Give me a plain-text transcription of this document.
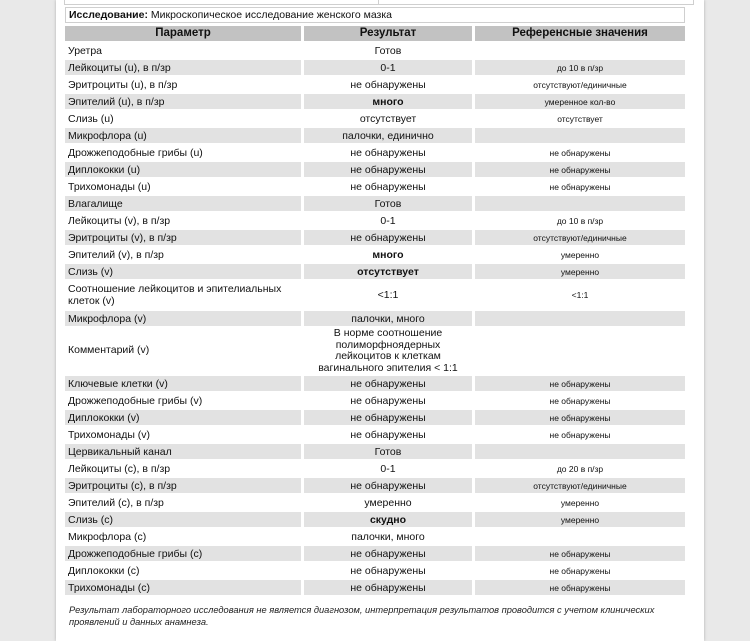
Исследование: Микроскопическое исследование женского мазка
Параметр	Результат	Референсные значения
Уретра	Готов	
Лейкоциты (u), в п/зр	0-1	до 10 в п/зр
Эритроциты (u), в п/зр	не обнаружены	отсутствуют/единичные
Эпителий (u), в п/зр	много	умеренное кол-во
Слизь (u)	отсутствует	отсутствует
Микрофлора (u)	палочки, единично	
Дрожжеподобные грибы (u)	не обнаружены	не обнаружены
Диплококки (u)	не обнаружены	не обнаружены
Трихомонады (u)	не обнаружены	не обнаружены
Влагалище	Готов	
Лейкоциты (v), в п/зр	0-1	до 10 в п/зр
Эритроциты (v), в п/зр	не обнаружены	отсутствуют/единичные
Эпителий (v), в п/зр	много	умеренно
Слизь (v)	отсутствует	умеренно
Соотношение лейкоцитов и эпителиальных клеток (v)	<1:1	<1:1
Микрофлора (v)	палочки, много	
Комментарий (v)	В норме соотношение полиморфноядерных лейкоцитов к клеткам вагинального эпителия < 1:1	
Ключевые клетки (v)	не обнаружены	не обнаружены
Дрожжеподобные грибы (v)	не обнаружены	не обнаружены
Диплококки (v)	не обнаружены	не обнаружены
Трихомонады (v)	не обнаружены	не обнаружены
Цервикальный канал	Готов	
Лейкоциты (c), в п/зр	0-1	до 20 в п/зр
Эритроциты (c), в п/зр	не обнаружены	отсутствуют/единичные
Эпителий (c), в п/зр	умеренно	умеренно
Слизь (c)	скудно	умеренно
Микрофлора (c)	палочки, много	
Дрожжеподобные грибы (c)	не обнаружены	не обнаружены
Диплококки (c)	не обнаружены	не обнаружены
Трихомонады (c)	не обнаружены	не обнаружены
Результат лабораторного исследования не является диагнозом, интерпретация результатов проводится с учетом клинических проявлений и данных анамнеза.
